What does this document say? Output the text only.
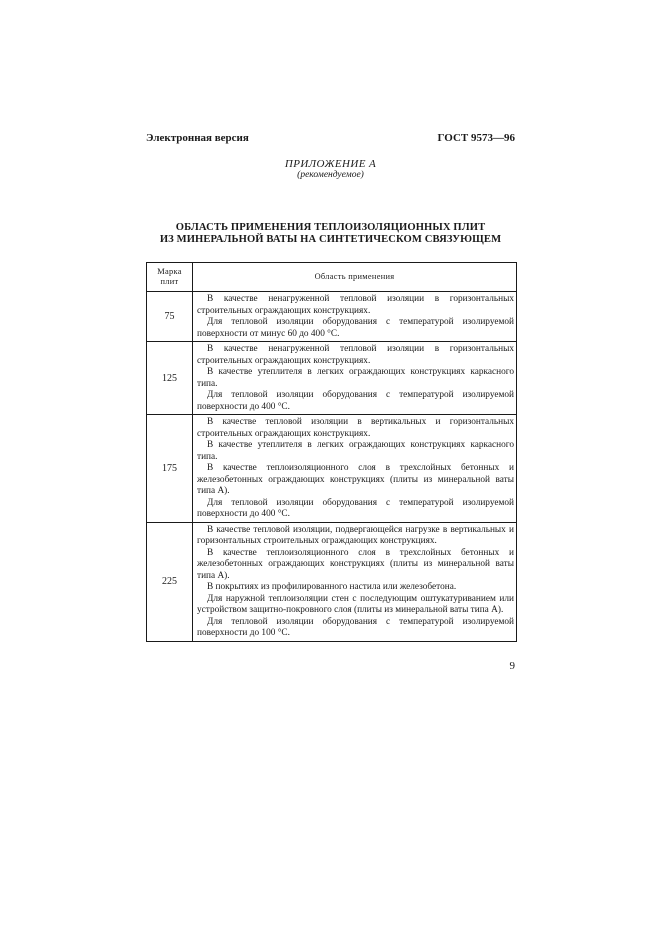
Электронная версия	ГОСТ 9573—96
ПРИЛОЖЕНИЕ А
(рекомендуемое)
ОБЛАСТЬ ПРИМЕНЕНИЯ ТЕПЛОИЗОЛЯЦИОННЫХ ПЛИТ
ИЗ МИНЕРАЛЬНОЙ ВАТЫ НА СИНТЕТИЧЕСКОМ СВЯЗУЮЩЕМ
Марка
плит	Область применения
75	В качестве ненагруженной тепловой изоляции в горизонтальных строительных ограждающих конструкциях.

Для тепловой изоляции оборудования с температурой изолируемой поверхности от минус 60 до 400 °С.

125	В качестве ненагруженной тепловой изоляции в горизонтальных строительных ограждающих конструкциях.

В качестве утеплителя в легких ограждающих конструкциях каркасного типа.

Для тепловой изоляции оборудования с температурой изолируемой поверхности до 400 °С.

175	В качестве тепловой изоляции в вертикальных и горизонтальных строительных ограждающих конструкциях.

В качестве утеплителя в легких ограждающих конструкциях каркасного типа.

В качестве теплоизоляционного слоя в трехслойных бетонных и железобетонных ограждающих конструкциях (плиты из минеральной ваты типа А).

Для тепловой изоляции оборудования с температурой изолируемой поверхности до 400 °С.

225	В качестве тепловой изоляции, подвергающейся нагрузке в вертикальных и горизонтальных строительных ограждающих конструкциях.

В качестве теплоизоляционного слоя в трехслойных бетонных и железобетонных ограждающих конструкциях (плиты из минеральной ваты типа А).

В покрытиях из профилированного настила или железобетона.

Для наружной теплоизоляции стен с последующим оштукатуриванием или устройством защитно-покровного слоя (плиты из минеральной ваты типа А).

Для тепловой изоляции оборудования с температурой изолируемой поверхности до 100 °С.

9
